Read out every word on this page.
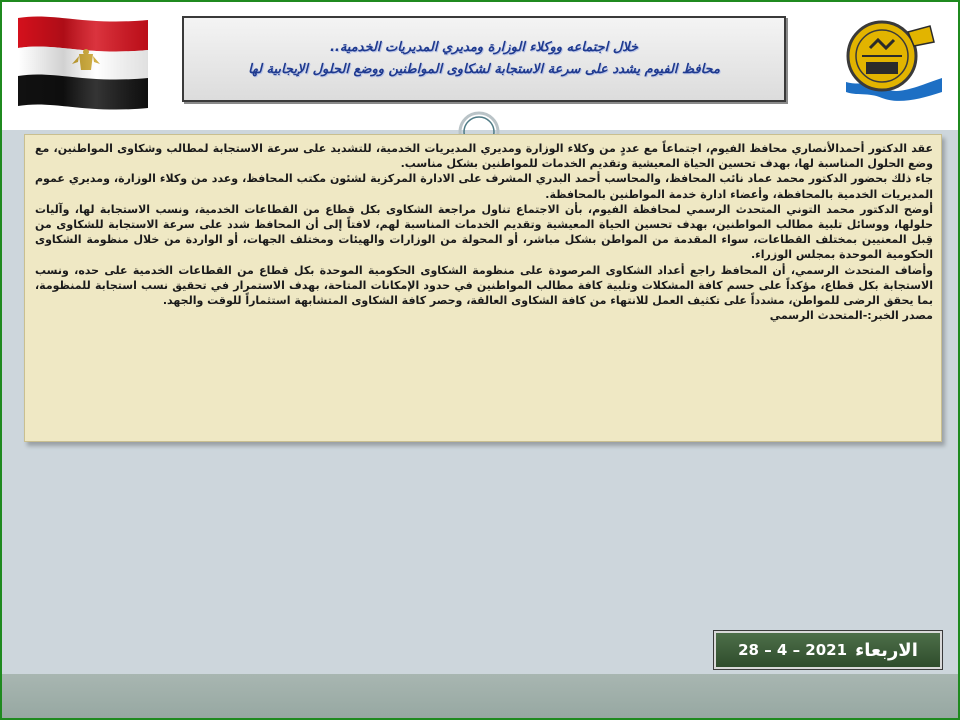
خلال اجتماعه ووكلاء الوزارة ومديري المديريات الخدمية..
محافظ الفيوم يشدد على سرعة الاستجابة لشكاوى المواطنين ووضع الحلول الإيجابية لها

عقد الدكتور أحمدالأنصاري محافظ الفيوم، اجتماعاً مع عددٍ من وكلاء الوزارة ومديري المديريات الخدمية، للتشديد على سرعة الاستجابة لمطالب وشكاوى المواطنين، مع وضع الحلول المناسبة لها، بهدف تحسين الحياة المعيشية وتقديم الخدمات للمواطنين بشكل مناسب.

جاء ذلك بحضور الدكتور محمد عماد نائب المحافظ، والمحاسب أحمد البدري المشرف على الادارة المركزية لشئون مكتب المحافظ، وعدد من وكلاء الوزارة، ومديري عموم المديريات الخدمية بالمحافظة، وأعضاء ادارة خدمة المواطنين بالمحافظة.

أوضح الدكتور محمد التوني المتحدث الرسمي لمحافظة الفيوم، بأن الاجتماع تناول مراجعة الشكاوى بكل قطاع من القطاعات الخدمية، ونسب الاستجابة لها، وآليات حلولها، ووسائل تلبية مطالب المواطنين، بهدف تحسين الحياة المعيشية وتقديم الخدمات المناسبة لهم، لافتاً إلى أن المحافظ شدد على سرعة الاستجابة للشكاوى من قِبل المعنيين بمختلف القطاعات، سواء المقدمة من المواطن بشكل مباشر، أو المحولة من الوزارات والهيئات ومختلف الجهات، أو الواردة من خلال منظومة الشكاوى الحكومية الموحدة بمجلس الوزراء.

وأضاف المتحدث الرسمي، أن المحافظ راجع أعداد الشكاوى المرصودة على منظومة الشكاوى الحكومية الموحدة بكل قطاع من القطاعات الخدمية على حده، ونسب الاستجابة بكل قطاع، مؤكداً على حسم كافة المشكلات وتلبية كافة مطالب المواطنين في حدود الإمكانات المتاحة، بهدف الاستمرار في تحقيق نسب استجابة للمنظومة، بما يحقق الرضى للمواطن، مشدداً على تكثيف العمل للانتهاء من كافة الشكاوى العالقة، وحصر كافة الشكاوى المتشابهة استثماراً للوقت والجهد.

مصدر الخبر:-المتحدث الرسمي

الاربعاء
28 – 4 – 2021
